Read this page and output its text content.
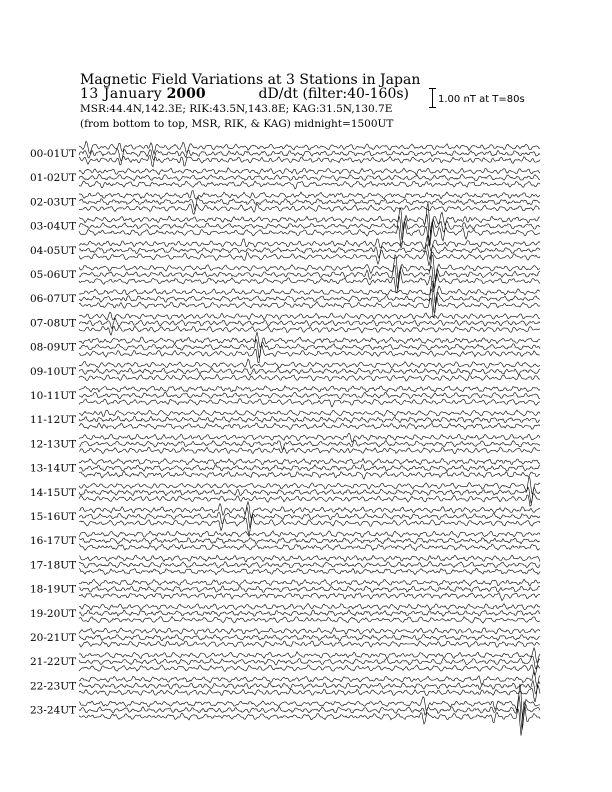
Magnetic Field Variations at 3 Stations in Japan
13 January 2000	dD/dt (filter:40-160s)
MSR:44.4N,142.3E; RIK:43.5N,143.8E; KAG:31.5N,130.7E
(from bottom to top, MSR, RIK, & KAG) midnight=1500UT
1.00 nT at T=80s
00-01UT
01-02UT
02-03UT
03-04UT
04-05UT
05-06UT
06-07UT
07-08UT
08-09UT
09-10UT
10-11UT
11-12UT
12-13UT
13-14UT
14-15UT
15-16UT
16-17UT
17-18UT
18-19UT
19-20UT
20-21UT
21-22UT
22-23UT
23-24UT
